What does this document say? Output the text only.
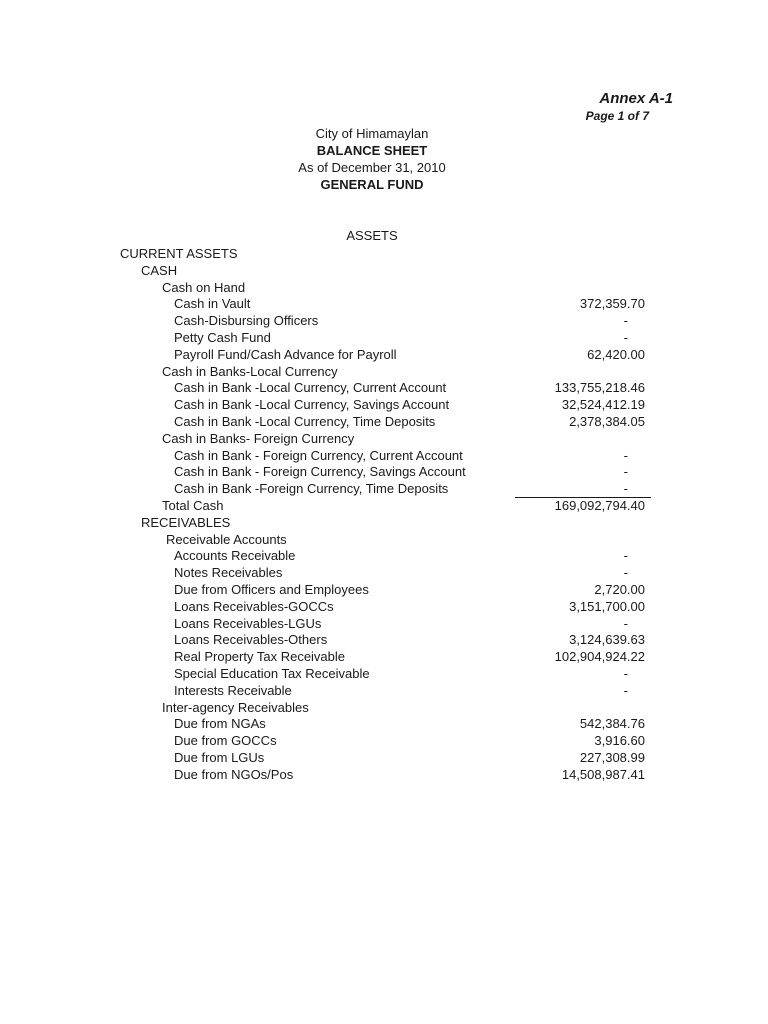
Annex A-1
Page 1 of 7
City of Himamaylan
BALANCE SHEET
As of December 31, 2010
GENERAL FUND
ASSETS
CURRENT ASSETS
CASH
Cash on Hand
Cash in Vault	372,359.70
Cash-Disbursing Officers	-
Petty Cash Fund	-
Payroll Fund/Cash Advance for Payroll	62,420.00
Cash in Banks-Local Currency
Cash in Bank -Local Currency, Current Account	133,755,218.46
Cash in Bank -Local Currency, Savings Account	32,524,412.19
Cash in Bank -Local Currency, Time Deposits	2,378,384.05
Cash in Banks- Foreign Currency
Cash in Bank - Foreign Currency, Current Account	-
Cash in Bank - Foreign Currency, Savings Account	-
Cash in Bank -Foreign Currency, Time Deposits	-
Total Cash	169,092,794.40
RECEIVABLES
Receivable Accounts
Accounts Receivable	-
Notes Receivables	-
Due from Officers and Employees	2,720.00
Loans Receivables-GOCCs	3,151,700.00
Loans Receivables-LGUs	-
Loans Receivables-Others	3,124,639.63
Real Property Tax Receivable	102,904,924.22
Special Education Tax Receivable	-
Interests Receivable	-
Inter-agency Receivables
Due from NGAs	542,384.76
Due from GOCCs	3,916.60
Due from LGUs	227,308.99
Due from NGOs/Pos	14,508,987.41
